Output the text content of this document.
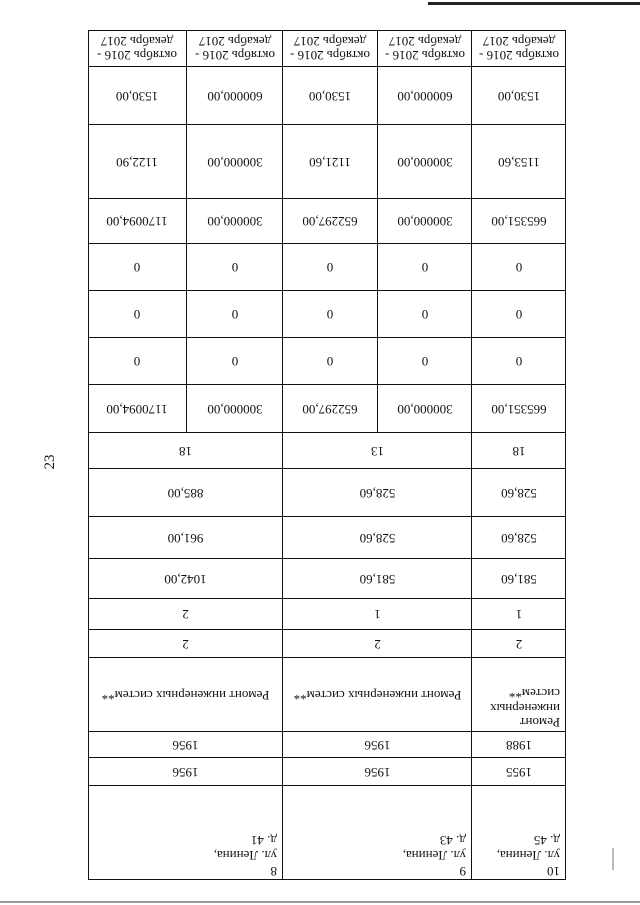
23
10
ул. Ленина,
д. 45
1955
1988
Ремонт
инженерных
систем**
2
1
581,60
528,60
528,60
18
665351,00
0
0
0
665351,00
1153,60
1530,00
октябрь 2016 -
декабрь 2017
9
ул. Ленина,
д. 43
1956
1956
Ремонт инженерных систем**
2
1
581,60
528,60
528,60
13
300000,00
652297,00
0
0
0
0
0
0
300000,00
652297,00
300000,00
1121,60
600000,00
1530,00
октябрь 2016 -
декабрь 2017
октябрь 2016 -
декабрь 2017
8
ул. Ленина,
д. 41
1956
1956
Ремонт инженерных систем**
2
2
1042,00
961,00
885,00
18
300000,00
1170094,00
0
0
0
0
0
0
300000,00
1170094,00
300000,00
1122,90
600000,00
1530,00
октябрь 2016 -
декабрь 2017
октябрь 2016 -
декабрь 2017
